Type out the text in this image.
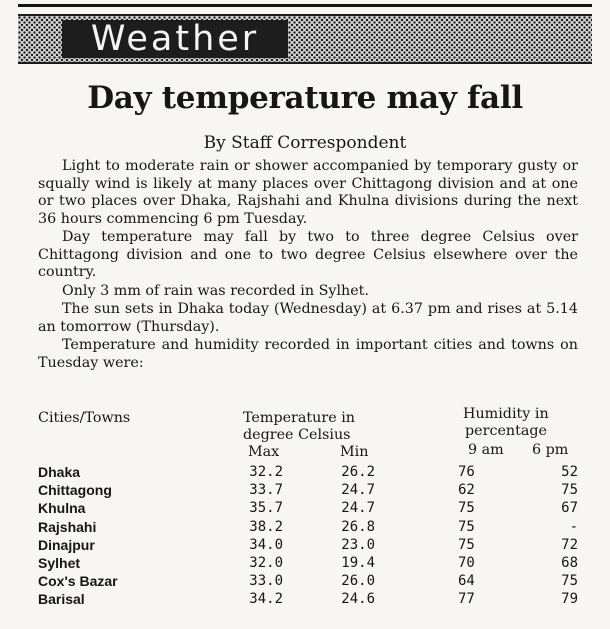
Weather
Day temperature may fall
By Staff Correspondent

Light to moderate rain or shower accompanied by temporary gusty or squally wind is likely at many places over Chittagong division and at one or two places over Dhaka, Rajshahi and Khulna divisions during the next 36 hours commencing 6 pm Tuesday.

Day temperature may fall by two to three degree Celsius over Chittagong division and one to two degree Celsius elsewhere over the country.

Only 3 mm of rain was recorded in Sylhet.

The sun sets in Dhaka today (Wednesday) at 6.37 pm and rises at 5.14 an tomorrow (Thursday).

Temperature and humidity recorded in important cities and towns on Tuesday were:

Cities/Towns	Temperature in
degree Celsius
Humidity in
percentage
Max	Min	9 am 6 pm
Dhaka	32.2	26.2	76	52
Chittagong	33.7	24.7	62	75
Khulna	35.7	24.7	75	67
Rajshahi	38.2	26.8	75	-
Dinajpur	34.0	23.0	75	72
Sylhet	32.0	19.4	70	68
Cox's Bazar	33.0	26.0	64	75
Barisal	34.2	24.6	77	79
